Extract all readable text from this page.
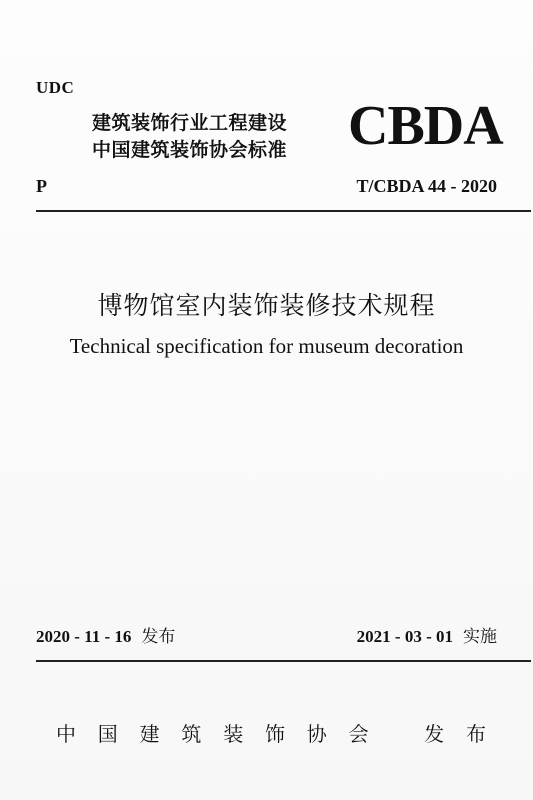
UDC
建筑装饰行业工程建设
中国建筑装饰协会标准	CBDA
P	T/CBDA 44 - 2020
博物馆室内装饰装修技术规程
Technical specification for museum decoration
2020 - 11 - 16 发布	2021 - 03 - 01 实施
中 国 建 筑 装 饰 协 会	发 布
